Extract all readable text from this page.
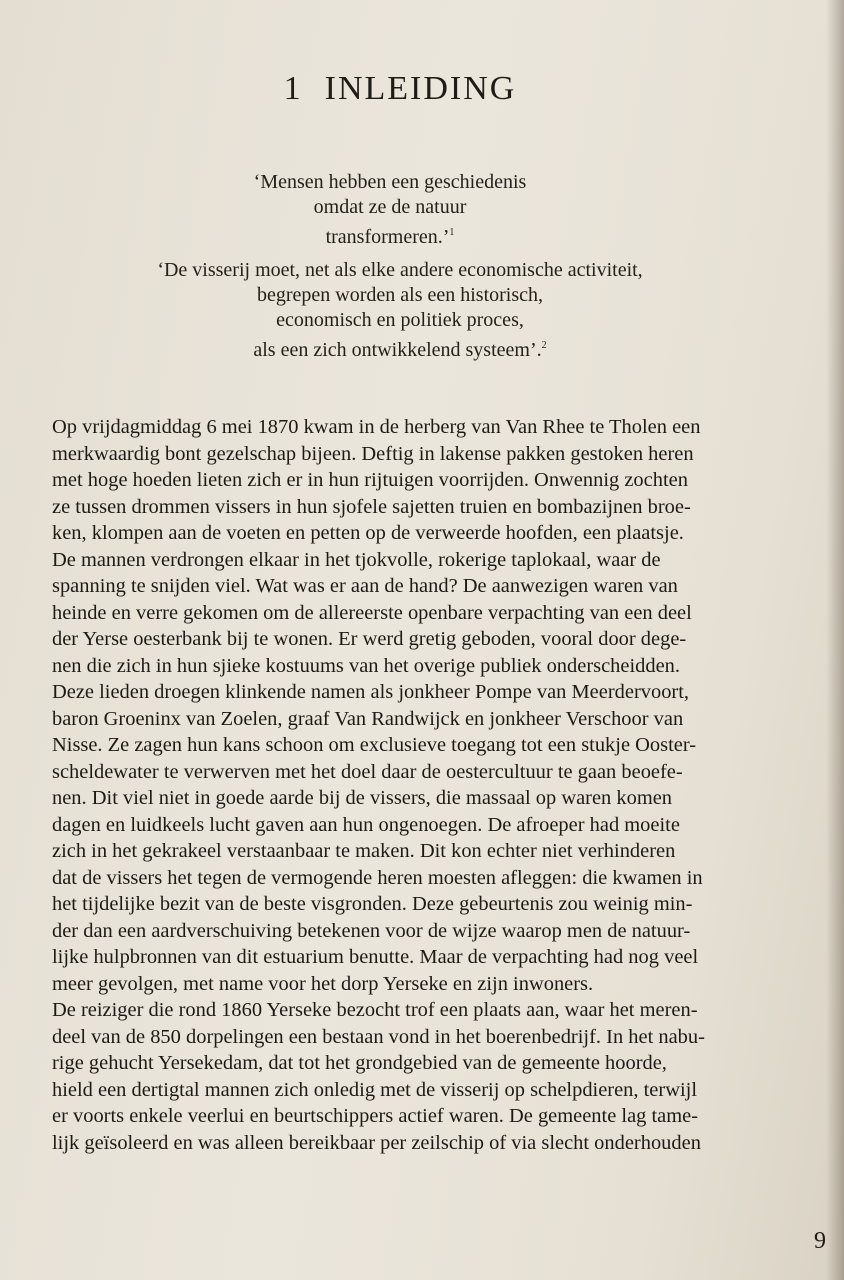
1 INLEIDING
‘Mensen hebben een geschiedenis
omdat ze de natuur
transformeren.’$^1$
‘De visserij moet, net als elke andere economische activiteit,
begrepen worden als een historisch,
economisch en politiek proces,
als een zich ontwikkelend systeem’.$^2$
Op vrijdagmiddag 6 mei 1870 kwam in de herberg van Van Rhee te Tholen een
merkwaardig bont gezelschap bijeen. Deftig in lakense pakken gestoken heren
met hoge hoeden lieten zich er in hun rijtuigen voorrijden. Onwennig zochten
ze tussen drommen vissers in hun sjofele sajetten truien en bombazijnen broe-
ken, klompen aan de voeten en petten op de verweerde hoofden, een plaatsje.
De mannen verdrongen elkaar in het tjokvolle, rokerige taplokaal, waar de
spanning te snijden viel. Wat was er aan de hand? De aanwezigen waren van
heinde en verre gekomen om de allereerste openbare verpachting van een deel
der Yerse oesterbank bij te wonen. Er werd gretig geboden, vooral door dege-
nen die zich in hun sjieke kostuums van het overige publiek onderscheidden.
Deze lieden droegen klinkende namen als jonkheer Pompe van Meerdervoort,
baron Groeninx van Zoelen, graaf Van Randwijck en jonkheer Verschoor van
Nisse. Ze zagen hun kans schoon om exclusieve toegang tot een stukje Ooster-
scheldewater te verwerven met het doel daar de oestercultuur te gaan beoefe-
nen. Dit viel niet in goede aarde bij de vissers, die massaal op waren komen
dagen en luidkeels lucht gaven aan hun ongenoegen. De afroeper had moeite
zich in het gekrakeel verstaanbaar te maken. Dit kon echter niet verhinderen
dat de vissers het tegen de vermogende heren moesten afleggen: die kwamen in
het tijdelijke bezit van de beste visgronden. Deze gebeurtenis zou weinig min-
der dan een aardverschuiving betekenen voor de wijze waarop men de natuur-
lijke hulpbronnen van dit estuarium benutte. Maar de verpachting had nog veel
meer gevolgen, met name voor het dorp Yerseke en zijn inwoners.
De reiziger die rond 1860 Yerseke bezocht trof een plaats aan, waar het meren-
deel van de 850 dorpelingen een bestaan vond in het boerenbedrijf. In het nabu-
rige gehucht Yersekedam, dat tot het grondgebied van de gemeente hoorde,
hield een dertigtal mannen zich onledig met de visserij op schelpdieren, terwijl
er voorts enkele veerlui en beurtschippers actief waren. De gemeente lag tame-
lijk geïsoleerd en was alleen bereikbaar per zeilschip of via slecht onderhouden
9
